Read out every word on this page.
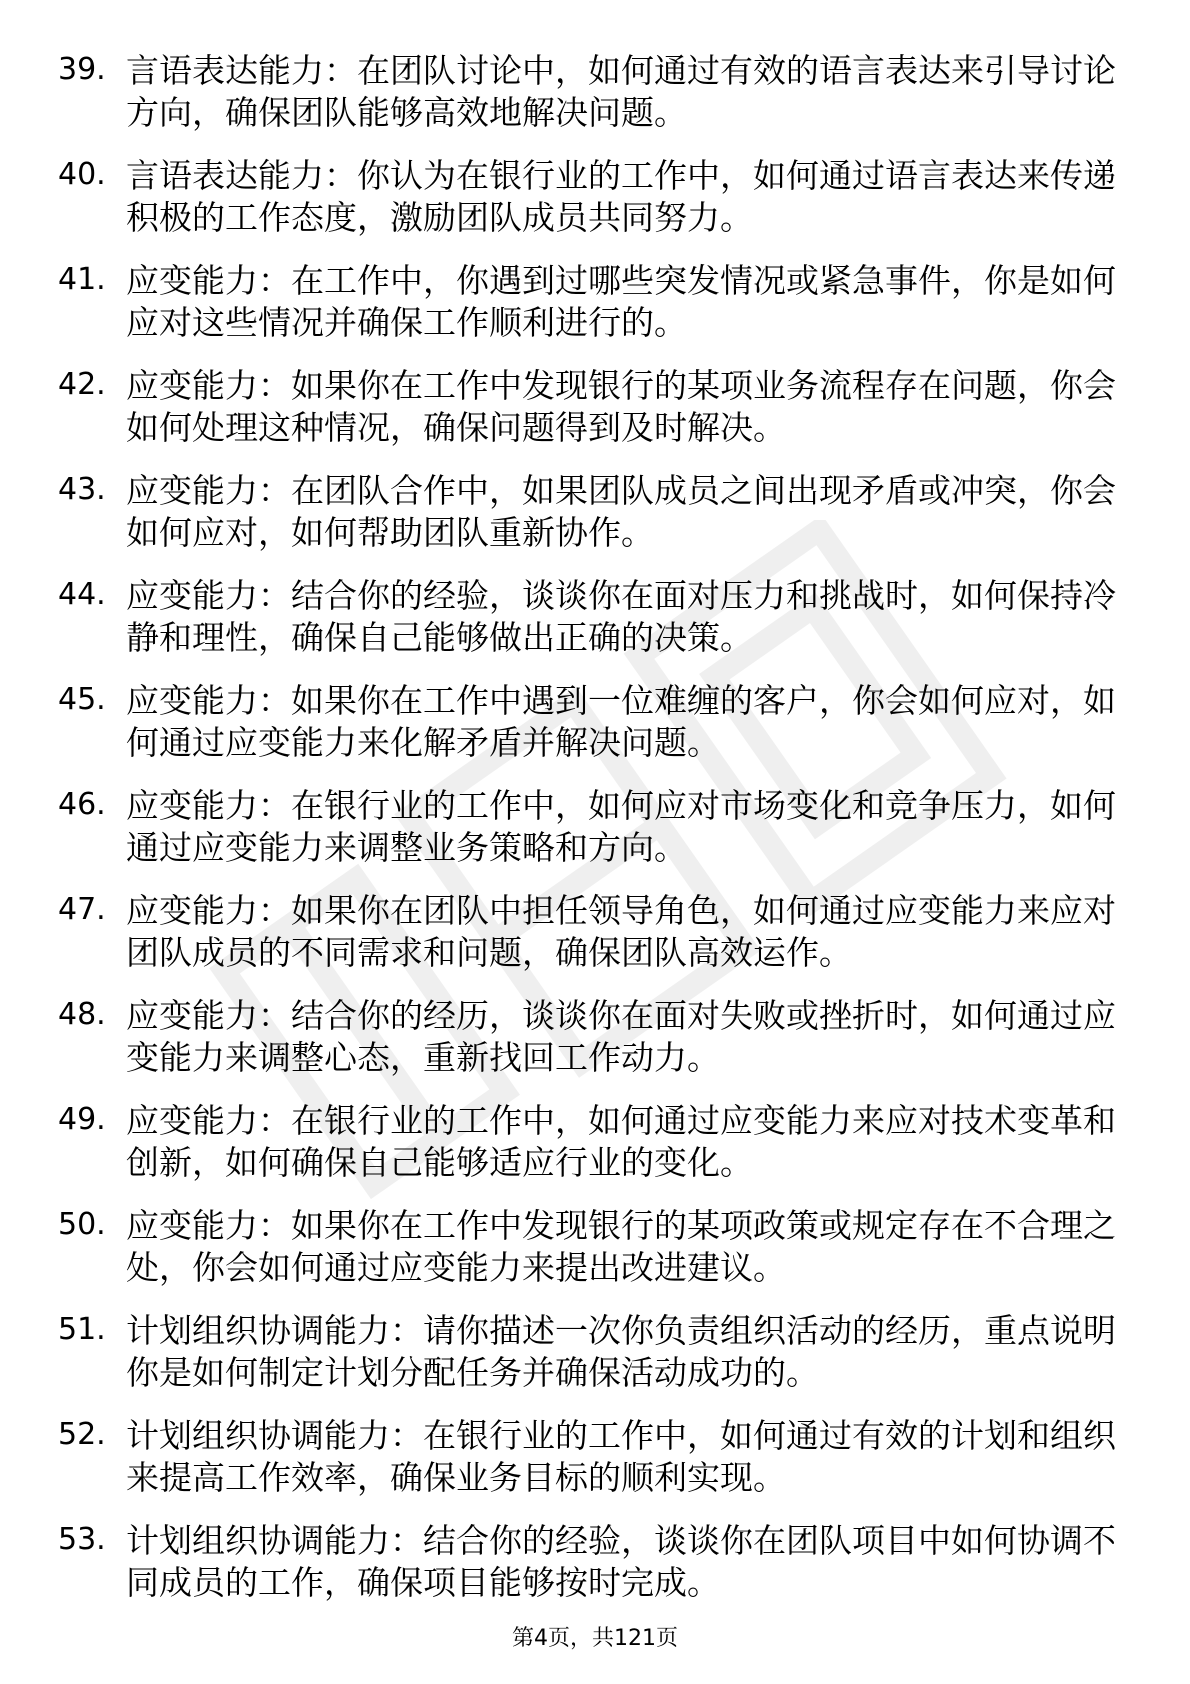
39. 言语表达能力：在团队讨论中，如何通过有效的语言表达来引导讨论方向，确保团队能够高效地解决问题。
40. 言语表达能力：你认为在银行业的工作中，如何通过语言表达来传递积极的工作态度，激励团队成员共同努力。
41. 应变能力：在工作中，你遇到过哪些突发情况或紧急事件，你是如何应对这些情况并确保工作顺利进行的。
42. 应变能力：如果你在工作中发现银行的某项业务流程存在问题，你会如何处理这种情况，确保问题得到及时解决。
43. 应变能力：在团队合作中，如果团队成员之间出现矛盾或冲突，你会如何应对，如何帮助团队重新协作。
44. 应变能力：结合你的经验，谈谈你在面对压力和挑战时，如何保持冷静和理性，确保自己能够做出正确的决策。
45. 应变能力：如果你在工作中遇到一位难缠的客户，你会如何应对，如何通过应变能力来化解矛盾并解决问题。
46. 应变能力：在银行业的工作中，如何应对市场变化和竞争压力，如何通过应变能力来调整业务策略和方向。
47. 应变能力：如果你在团队中担任领导角色，如何通过应变能力来应对团队成员的不同需求和问题，确保团队高效运作。
48. 应变能力：结合你的经历，谈谈你在面对失败或挫折时，如何通过应变能力来调整心态，重新找回工作动力。
49. 应变能力：在银行业的工作中，如何通过应变能力来应对技术变革和创新，如何确保自己能够适应行业的变化。
50. 应变能力：如果你在工作中发现银行的某项政策或规定存在不合理之处，你会如何通过应变能力来提出改进建议。
51. 计划组织协调能力：请你描述一次你负责组织活动的经历，重点说明你是如何制定计划分配任务并确保活动成功的。
52. 计划组织协调能力：在银行业的工作中，如何通过有效的计划和组织来提高工作效率，确保业务目标的顺利实现。
53. 计划组织协调能力：结合你的经验，谈谈你在团队项目中如何协调不同成员的工作，确保项目能够按时完成。
第4页，共121页
